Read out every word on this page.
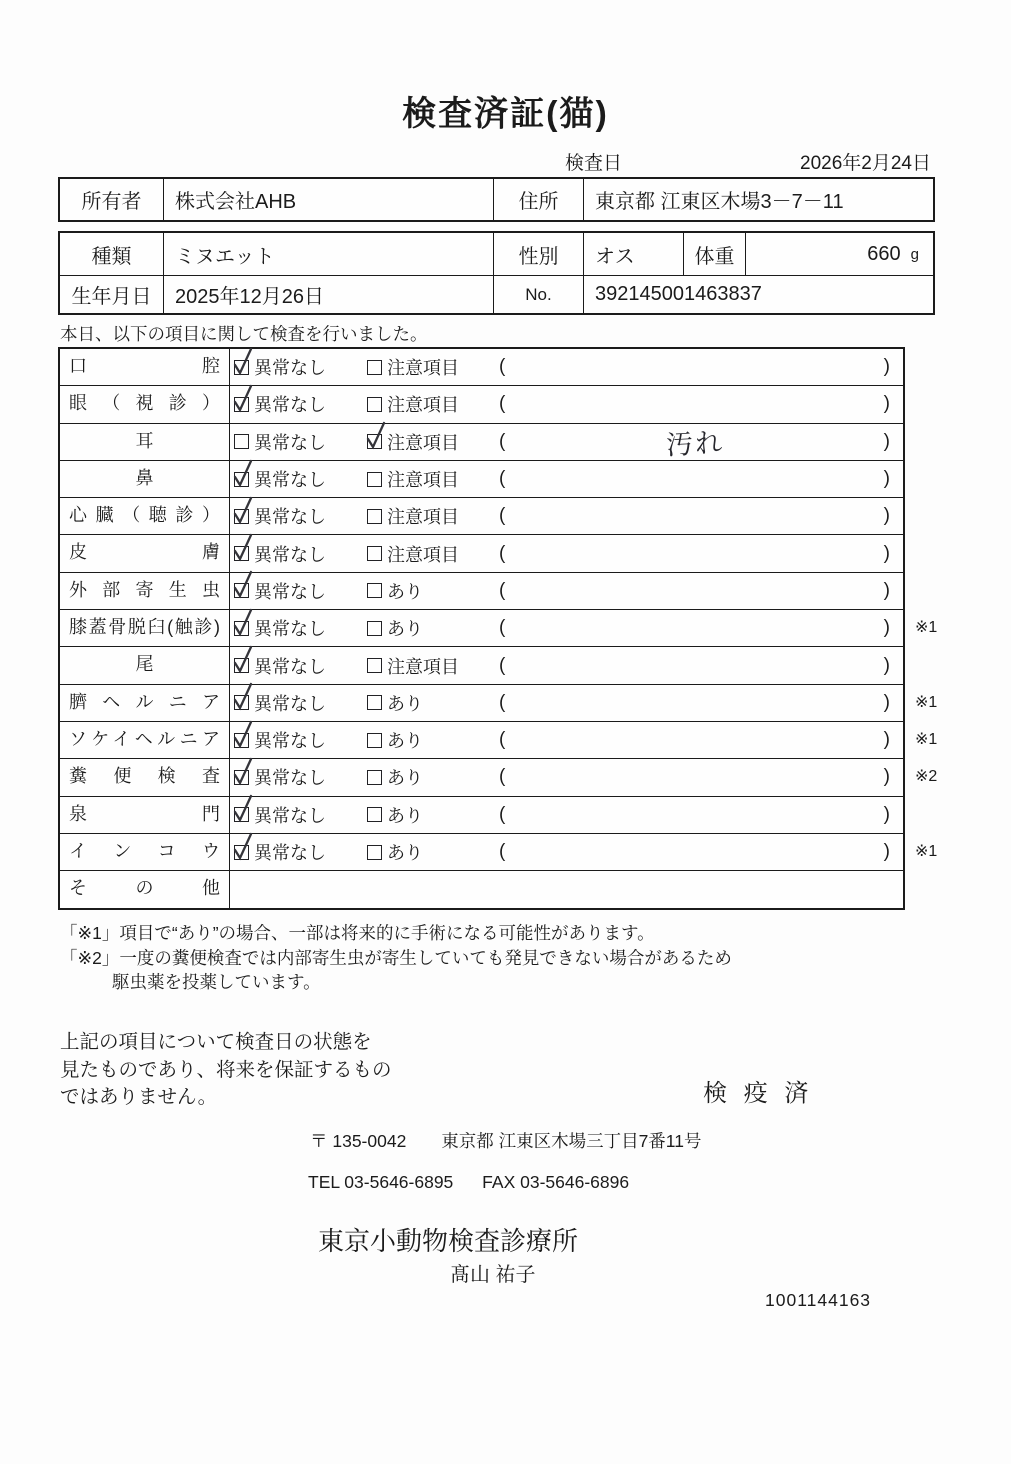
検査済証(猫)
検査日	2026年2月24日
所有者	株式会社AHB	住所	東京都 江東区木場3－7－11
種類	ミヌエット	性別	オス	体重	660 g
生年月日	2025年12月26日	No.	392145001463837
本日、以下の項目に関して検査を行いました。
口腔	異常なし	注意項目 (	)
眼（視診）	異常なし	注意項目 (	)
耳	異常なし	注意項目 (	汚れ	)
鼻	異常なし	注意項目 (	)
心臓（聴診）	異常なし	注意項目 (	)
皮膚	異常なし	注意項目 (	)
外部寄生虫	異常なし	あり	(	)
膝蓋骨脱臼(触診)	異常なし	あり	(	) ※1
尾	異常なし	注意項目 (	)
臍ヘルニア	異常なし	あり	(	) ※1
ソケイヘルニア	異常なし	あり	(	) ※1
糞便検査	異常なし	あり	(	) ※2
泉門	異常なし	あり	(	)
インコウ	異常なし	あり	(	) ※1
その他
「※1」項目で“あり”の場合、一部は将来的に手術になる可能性があります。
「※2」一度の糞便検査では内部寄生虫が寄生していても発見できない場合があるため
駆虫薬を投薬しています。
上記の項目について検査日の状態を
見たものであり、将来を保証するもの
ではありません。	検 疫 済
〒 135-0042 東京都 江東区木場三丁目7番11号
TEL 03-5646-6895 FAX 03-5646-6896
東京小動物検査診療所
髙山 祐子
1001144163
